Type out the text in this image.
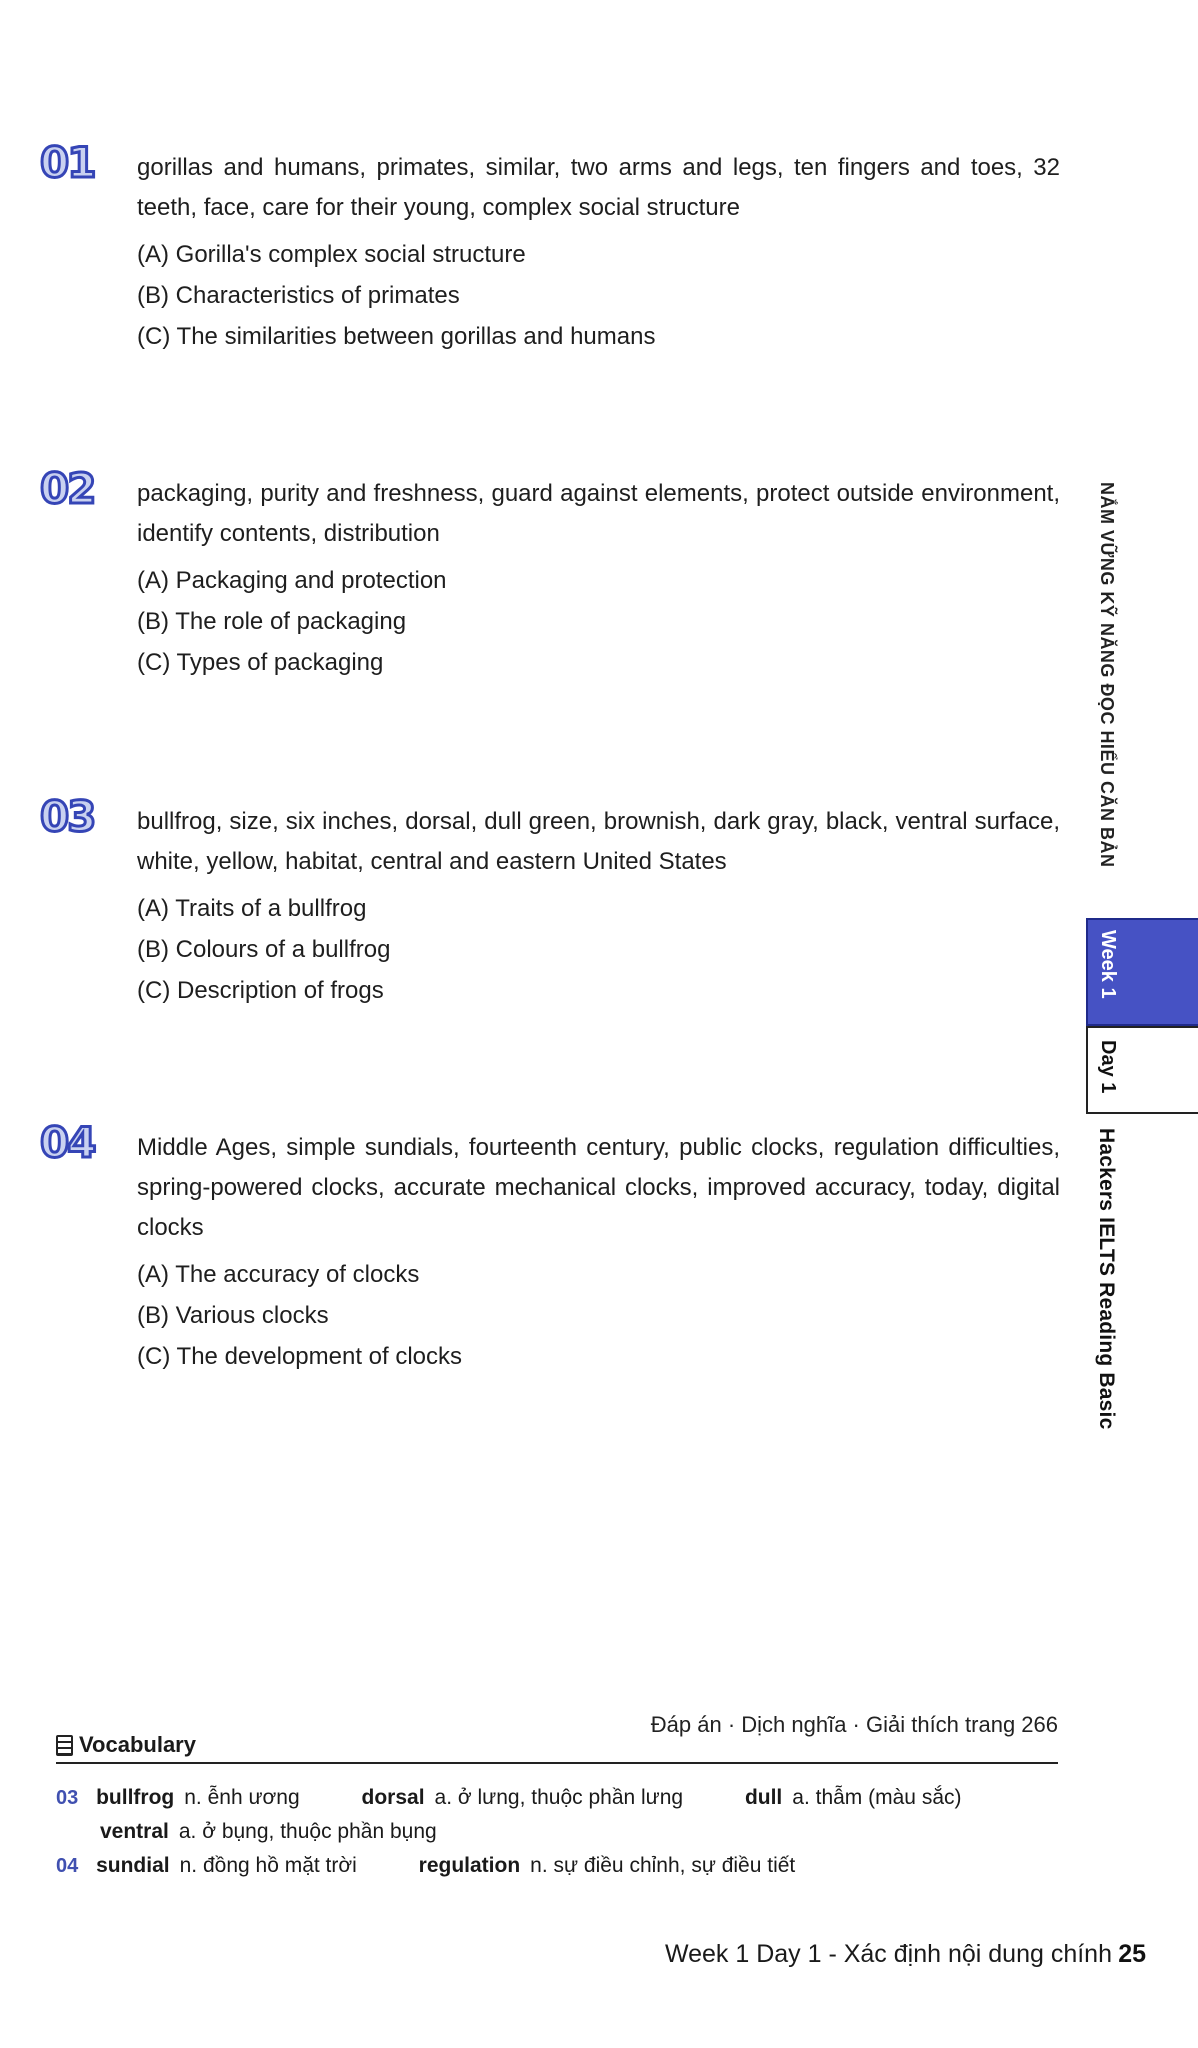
01 gorillas and humans, primates, similar, two arms and legs, ten fingers and toes, 32 teeth, face, care for their young, complex social structure
(A) Gorilla's complex social structure
(B) Characteristics of primates
(C) The similarities between gorillas and humans
02 packaging, purity and freshness, guard against elements, protect outside environment, identify contents, distribution
(A) Packaging and protection
(B) The role of packaging
(C) Types of packaging
03 bullfrog, size, six inches, dorsal, dull green, brownish, dark gray, black, ventral surface, white, yellow, habitat, central and eastern United States
(A) Traits of a bullfrog
(B) Colours of a bullfrog
(C) Description of frogs
04 Middle Ages, simple sundials, fourteenth century, public clocks, regulation difficulties, spring-powered clocks, accurate mechanical clocks, improved accuracy, today, digital clocks
(A) The accuracy of clocks
(B) Various clocks
(C) The development of clocks
NẮM VỮNG KỸ NĂNG ĐỌC HIỂU CĂN BẢN
Week 1
Day 1
Hackers IELTS Reading Basic
Đáp án · Dịch nghĩa · Giải thích trang 266
Vocabulary
03 bullfrog n. ễnh ương	dorsal a. ở lưng, thuộc phần lưng	dull a. thẫm (màu sắc)
ventral a. ở bụng, thuộc phần bụng
04 sundial n. đồng hồ mặt trời	regulation n. sự điều chỉnh, sự điều tiết
Week 1 Day 1 - Xác định nội dung chính 25
